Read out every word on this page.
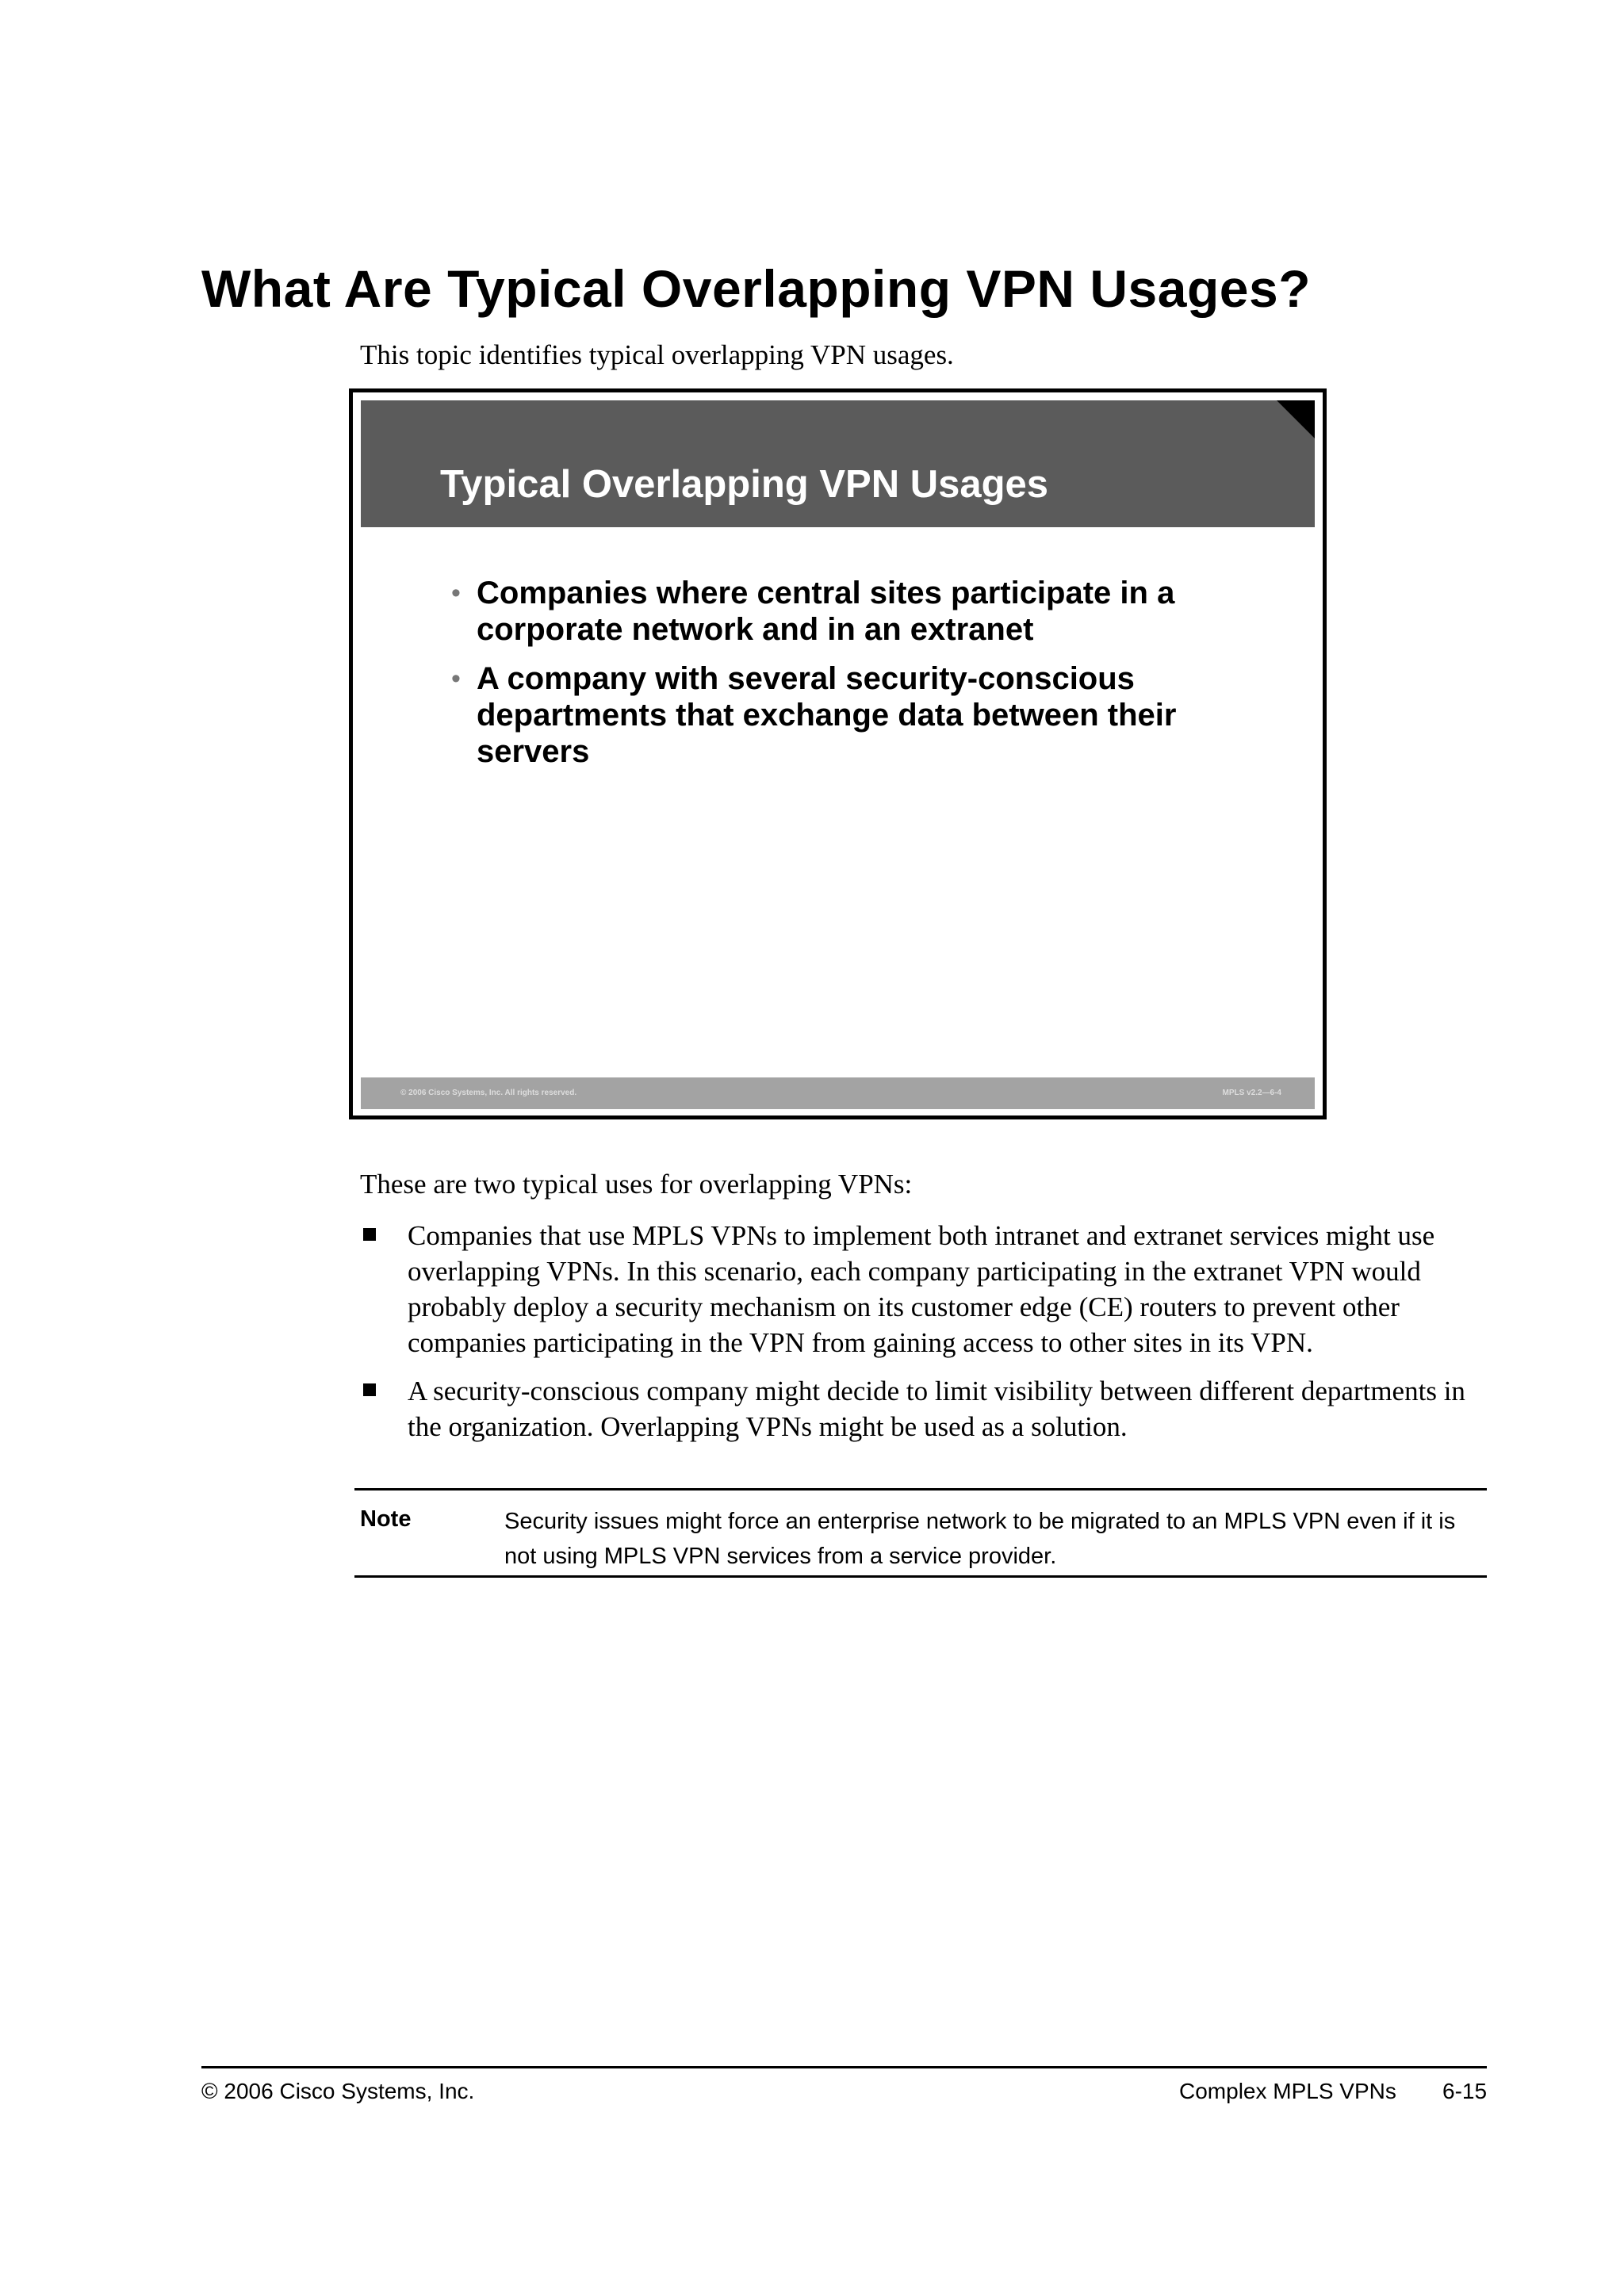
What Are Typical Overlapping VPN Usages?
This topic identifies typical overlapping VPN usages.
Typical Overlapping VPN Usages
• Companies where central sites participate in a corporate network and in an extranet
• A company with several security-conscious departments that exchange data between their servers
© 2006 Cisco Systems, Inc. All rights reserved.	MPLS v2.2—6-4
These are two typical uses for overlapping VPNs:
Companies that use MPLS VPNs to implement both intranet and extranet services might use overlapping VPNs. In this scenario, each company participating in the extranet VPN would probably deploy a security mechanism on its customer edge (CE) routers to prevent other companies participating in the VPN from gaining access to other sites in its VPN.
A security-conscious company might decide to limit visibility between different departments in the organization. Overlapping VPNs might be used as a solution.
Note	Security issues might force an enterprise network to be migrated to an MPLS VPN even if it is not using MPLS VPN services from a service provider.
© 2006 Cisco Systems, Inc.	Complex MPLS VPNs 6-15
